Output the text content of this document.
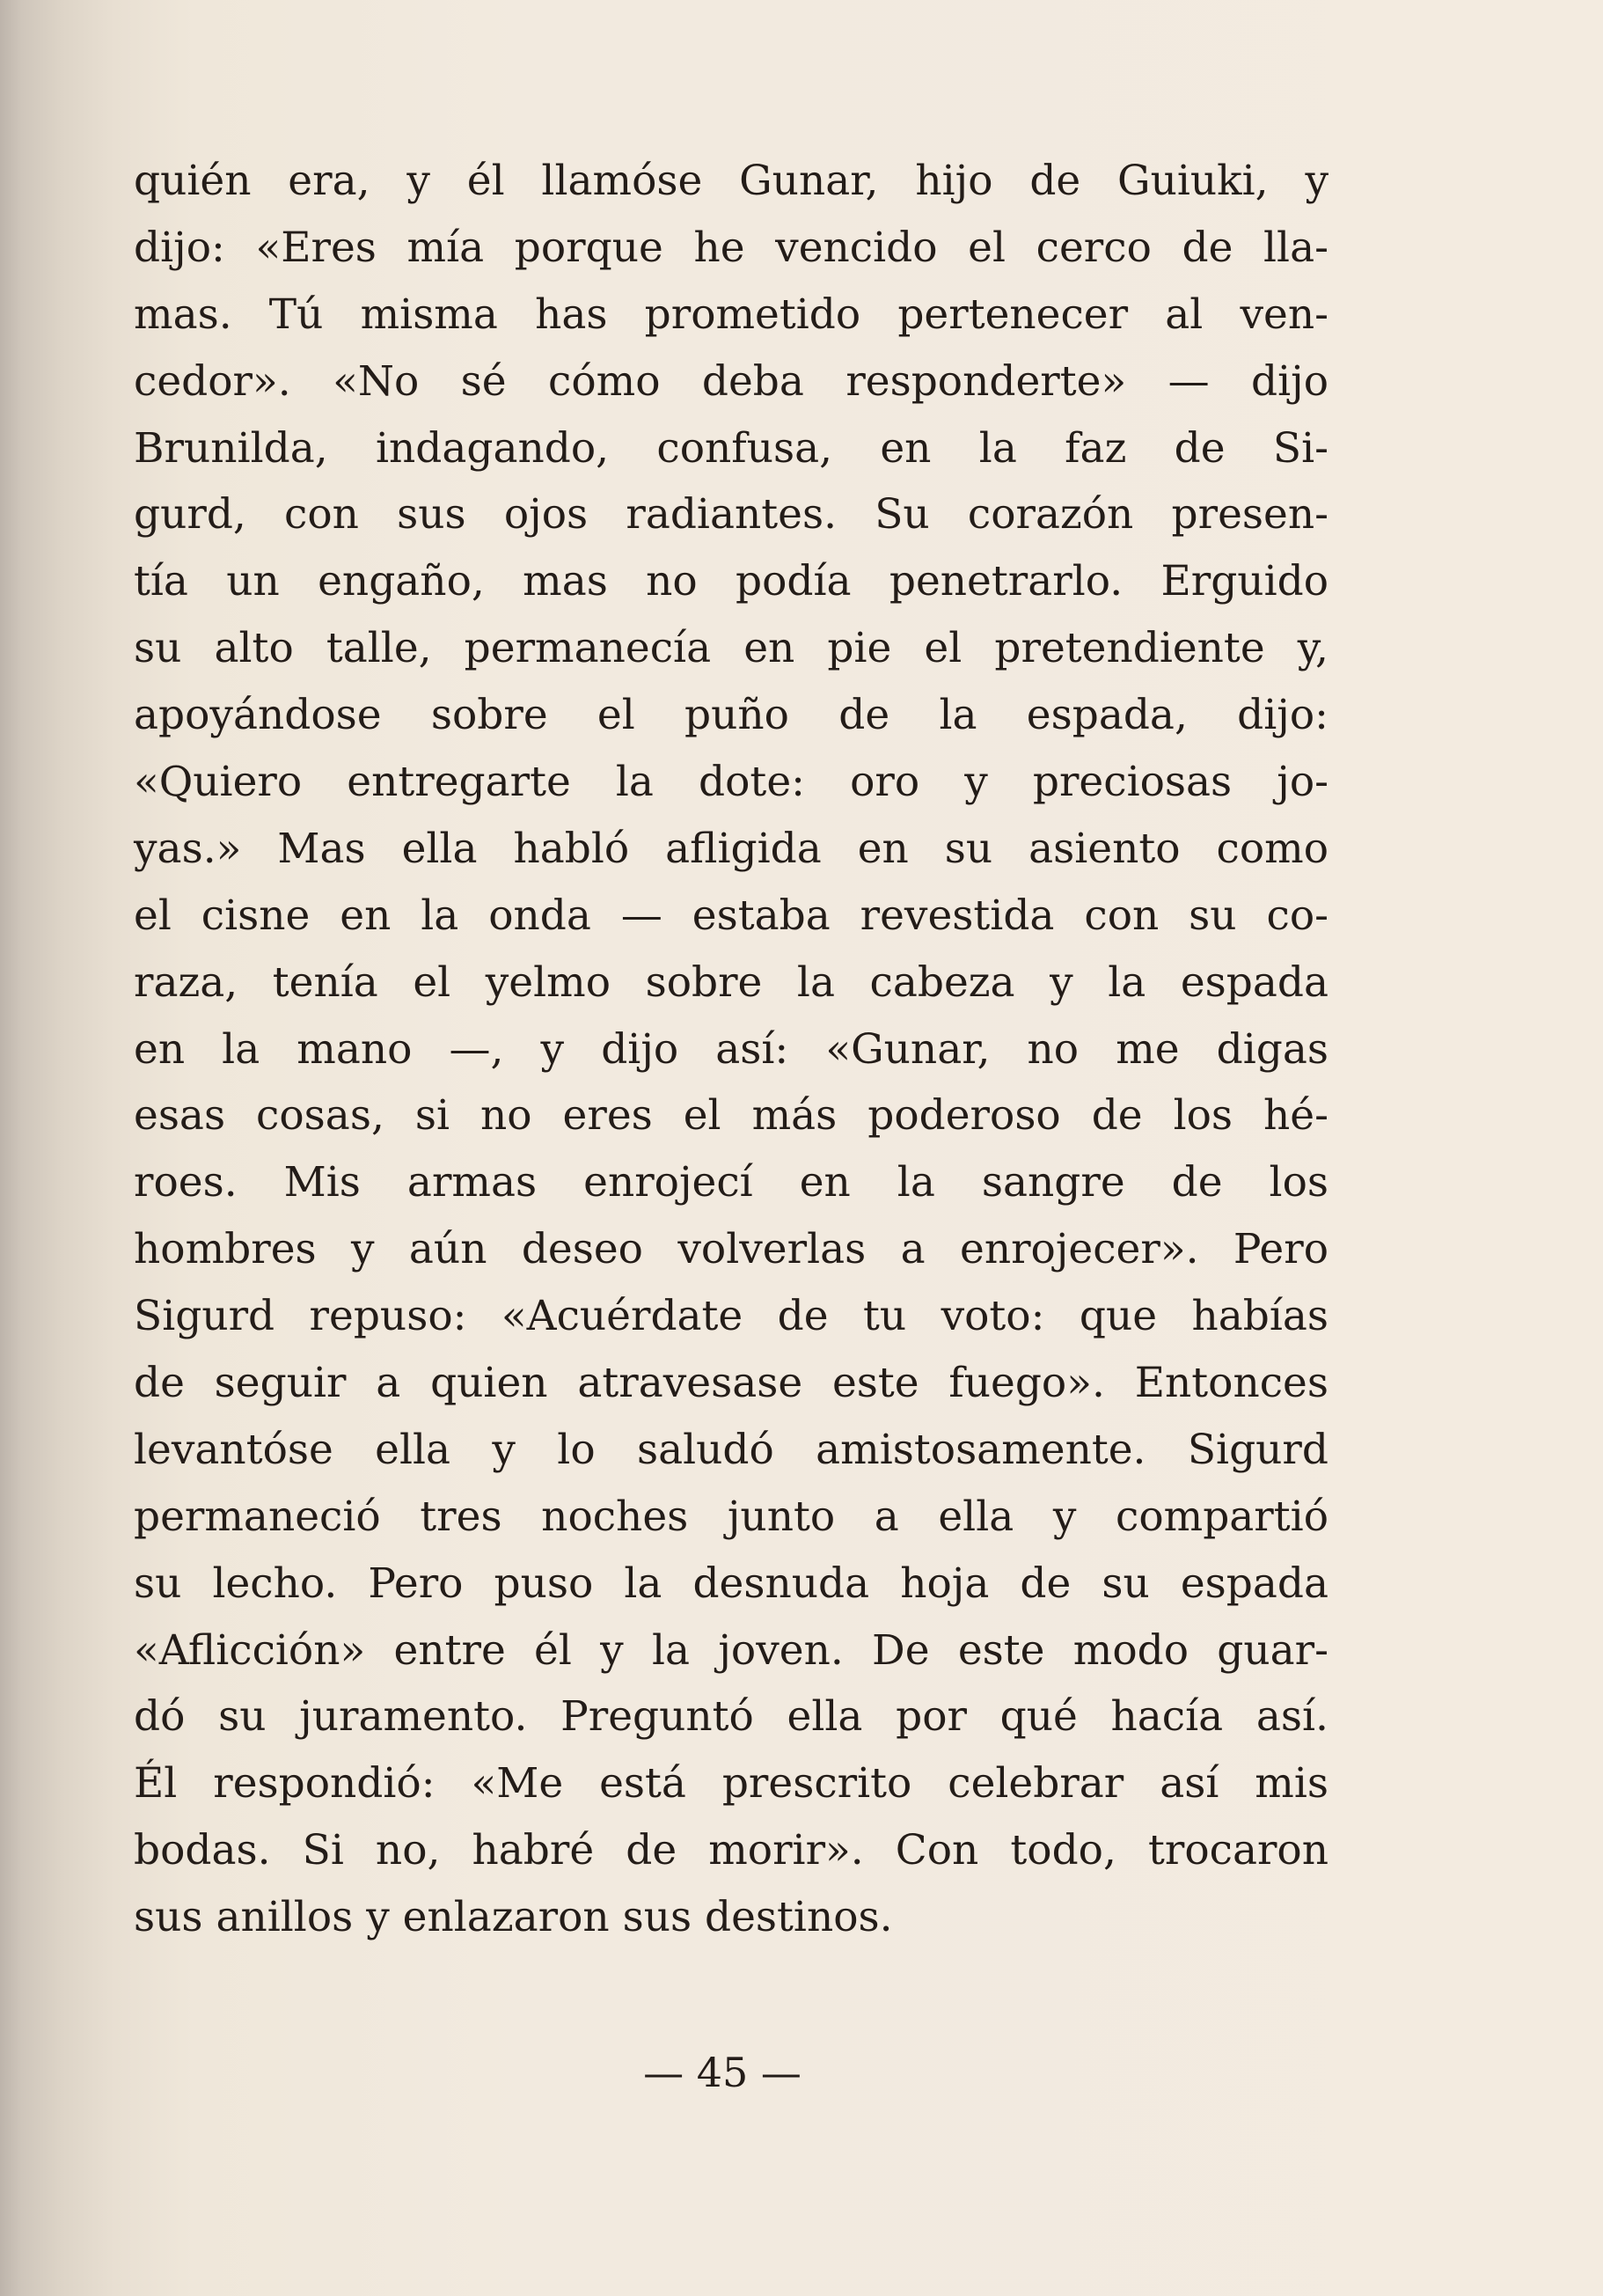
quién era, y él llamóse Gunar, hijo de Guiuki, y
dijo: «Eres mía porque he vencido el cerco de lla-
mas. Tú misma has prometido pertenecer al ven-
cedor». «No sé cómo deba responderte» — dijo
Brunilda, indagando, confusa, en la faz de Si-
gurd, con sus ojos radiantes. Su corazón presen-
tía un engaño, mas no podía penetrarlo. Erguido
su alto talle, permanecía en pie el pretendiente y,
apoyándose sobre el puño de la espada, dijo:
«Quiero entregarte la dote: oro y preciosas jo-
yas.» Mas ella habló afligida en su asiento como
el cisne en la onda — estaba revestida con su co-
raza, tenía el yelmo sobre la cabeza y la espada
en la mano —, y dijo así: «Gunar, no me digas
esas cosas, si no eres el más poderoso de los hé-
roes. Mis armas enrojecí en la sangre de los
hombres y aún deseo volverlas a enrojecer». Pero
Sigurd repuso: «Acuérdate de tu voto: que habías
de seguir a quien atravesase este fuego». Entonces
levantóse ella y lo saludó amistosamente. Sigurd
permaneció tres noches junto a ella y compartió
su lecho. Pero puso la desnuda hoja de su espada
«Aflicción» entre él y la joven. De este modo guar-
dó su juramento. Preguntó ella por qué hacía así.
Él respondió: «Me está prescrito celebrar así mis
bodas. Si no, habré de morir». Con todo, trocaron
sus anillos y enlazaron sus destinos.
— 45 —
